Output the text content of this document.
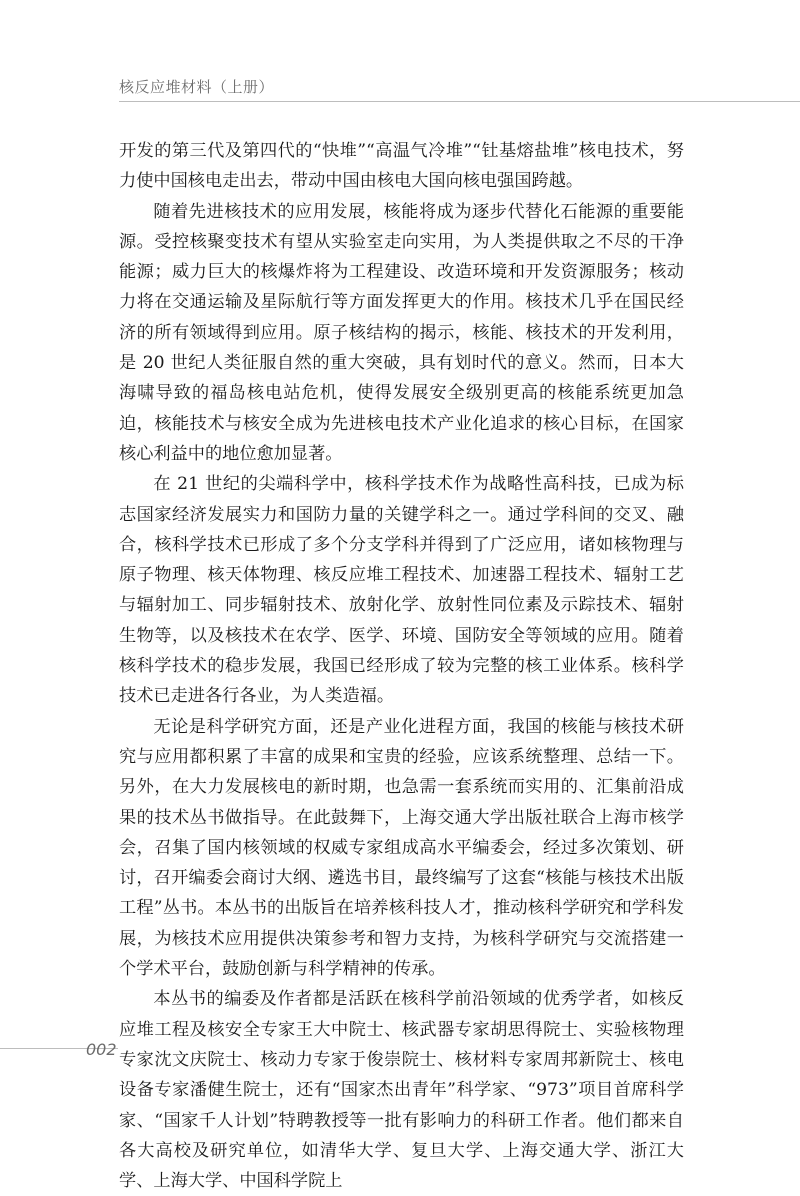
核反应堆材料（上册）

开发的第三代及第四代的“快堆”“高温气冷堆”“钍基熔盐堆”核电技术，努力使中国核电走出去，带动中国由核电大国向核电强国跨越。

随着先进核技术的应用发展，核能将成为逐步代替化石能源的重要能源。受控核聚变技术有望从实验室走向实用，为人类提供取之不尽的干净能源；威力巨大的核爆炸将为工程建设、改造环境和开发资源服务；核动力将在交通运输及星际航行等方面发挥更大的作用。核技术几乎在国民经济的所有领域得到应用。原子核结构的揭示，核能、核技术的开发利用，是 20 世纪人类征服自然的重大突破，具有划时代的意义。然而，日本大海啸导致的福岛核电站危机，使得发展安全级别更高的核能系统更加急迫，核能技术与核安全成为先进核电技术产业化追求的核心目标，在国家核心利益中的地位愈加显著。

在 21 世纪的尖端科学中，核科学技术作为战略性高科技，已成为标志国家经济发展实力和国防力量的关键学科之一。通过学科间的交叉、融合，核科学技术已形成了多个分支学科并得到了广泛应用，诸如核物理与原子物理、核天体物理、核反应堆工程技术、加速器工程技术、辐射工艺与辐射加工、同步辐射技术、放射化学、放射性同位素及示踪技术、辐射生物等，以及核技术在农学、医学、环境、国防安全等领域的应用。随着核科学技术的稳步发展，我国已经形成了较为完整的核工业体系。核科学技术已走进各行各业，为人类造福。

无论是科学研究方面，还是产业化进程方面，我国的核能与核技术研究与应用都积累了丰富的成果和宝贵的经验，应该系统整理、总结一下。另外，在大力发展核电的新时期，也急需一套系统而实用的、汇集前沿成果的技术丛书做指导。在此鼓舞下，上海交通大学出版社联合上海市核学会，召集了国内核领域的权威专家组成高水平编委会，经过多次策划、研讨，召开编委会商讨大纲、遴选书目，最终编写了这套“核能与核技术出版工程”丛书。本丛书的出版旨在培养核科技人才，推动核科学研究和学科发展，为核技术应用提供决策参考和智力支持，为核科学研究与交流搭建一个学术平台，鼓励创新与科学精神的传承。

本丛书的编委及作者都是活跃在核科学前沿领域的优秀学者，如核反应堆工程及核安全专家王大中院士、核武器专家胡思得院士、实验核物理专家沈文庆院士、核动力专家于俊崇院士、核材料专家周邦新院士、核电设备专家潘健生院士，还有“国家杰出青年”科学家、“973”项目首席科学家、“国家千人计划”特聘教授等一批有影响力的科研工作者。他们都来自各大高校及研究单位，如清华大学、复旦大学、上海交通大学、浙江大学、上海大学、中国科学院上

002
